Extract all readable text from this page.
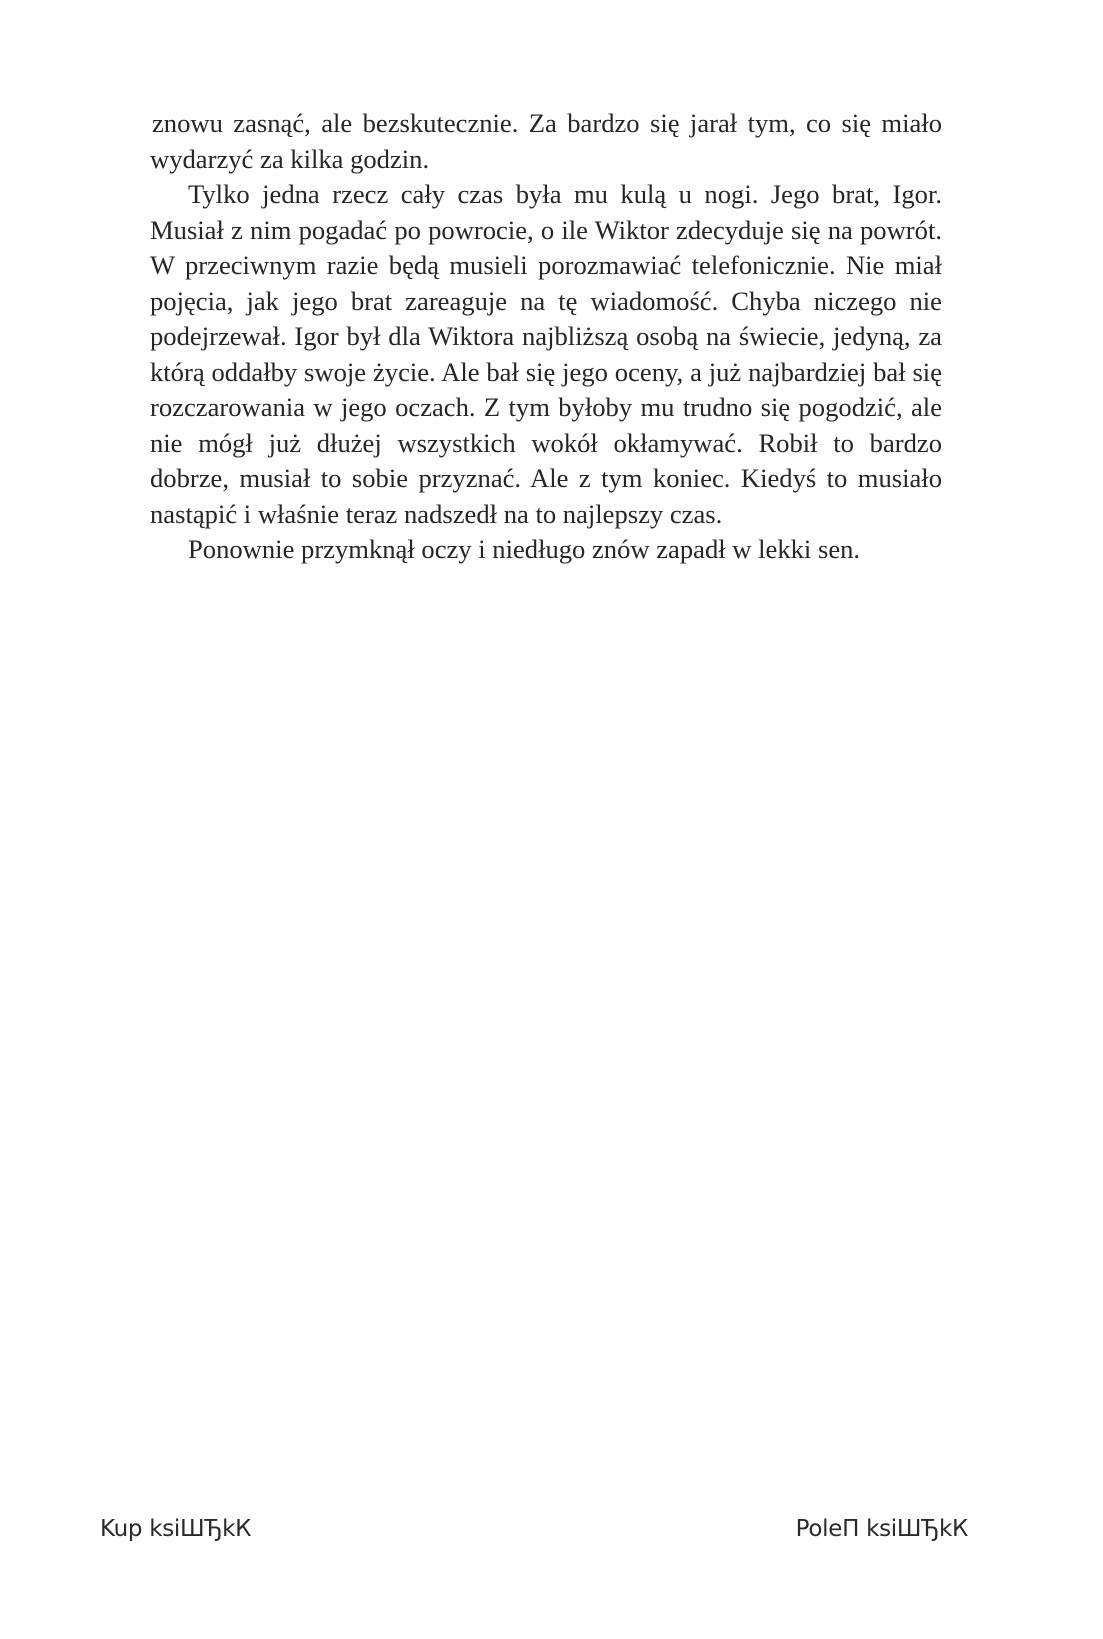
znowu zasnąć, ale bezskutecznie. Za bardzo się jarał tym, co się miało wydarzyć za kilka godzin.

Tylko jedna rzecz cały czas była mu kulą u nogi. Jego brat, Igor. Musiał z nim pogadać po powrocie, o ile Wiktor zdecyduje się na powrót. W przeciwnym razie będą musieli porozmawiać telefonicznie. Nie miał pojęcia, jak jego brat zareaguje na tę wiadomość. Chyba niczego nie podejrzewał. Igor był dla Wiktora najbliższą osobą na świecie, jedyną, za którą oddałby swoje życie. Ale bał się jego oceny, a już najbardziej bał się rozczarowania w jego oczach. Z tym byłoby mu trudno się pogodzić, ale nie mógł już dłużej wszystkich wokół okłamywać. Robił to bardzo dobrze, musiał to sobie przyznać. Ale z tym koniec. Kiedyś to musiało nastąpić i właśnie teraz nadszedł na to najlepszy czas.

Ponownie przymknął oczy i niedługo znów zapadł w lekki sen.

Kup ksiШЂkК	PoleП ksiШЂkК
